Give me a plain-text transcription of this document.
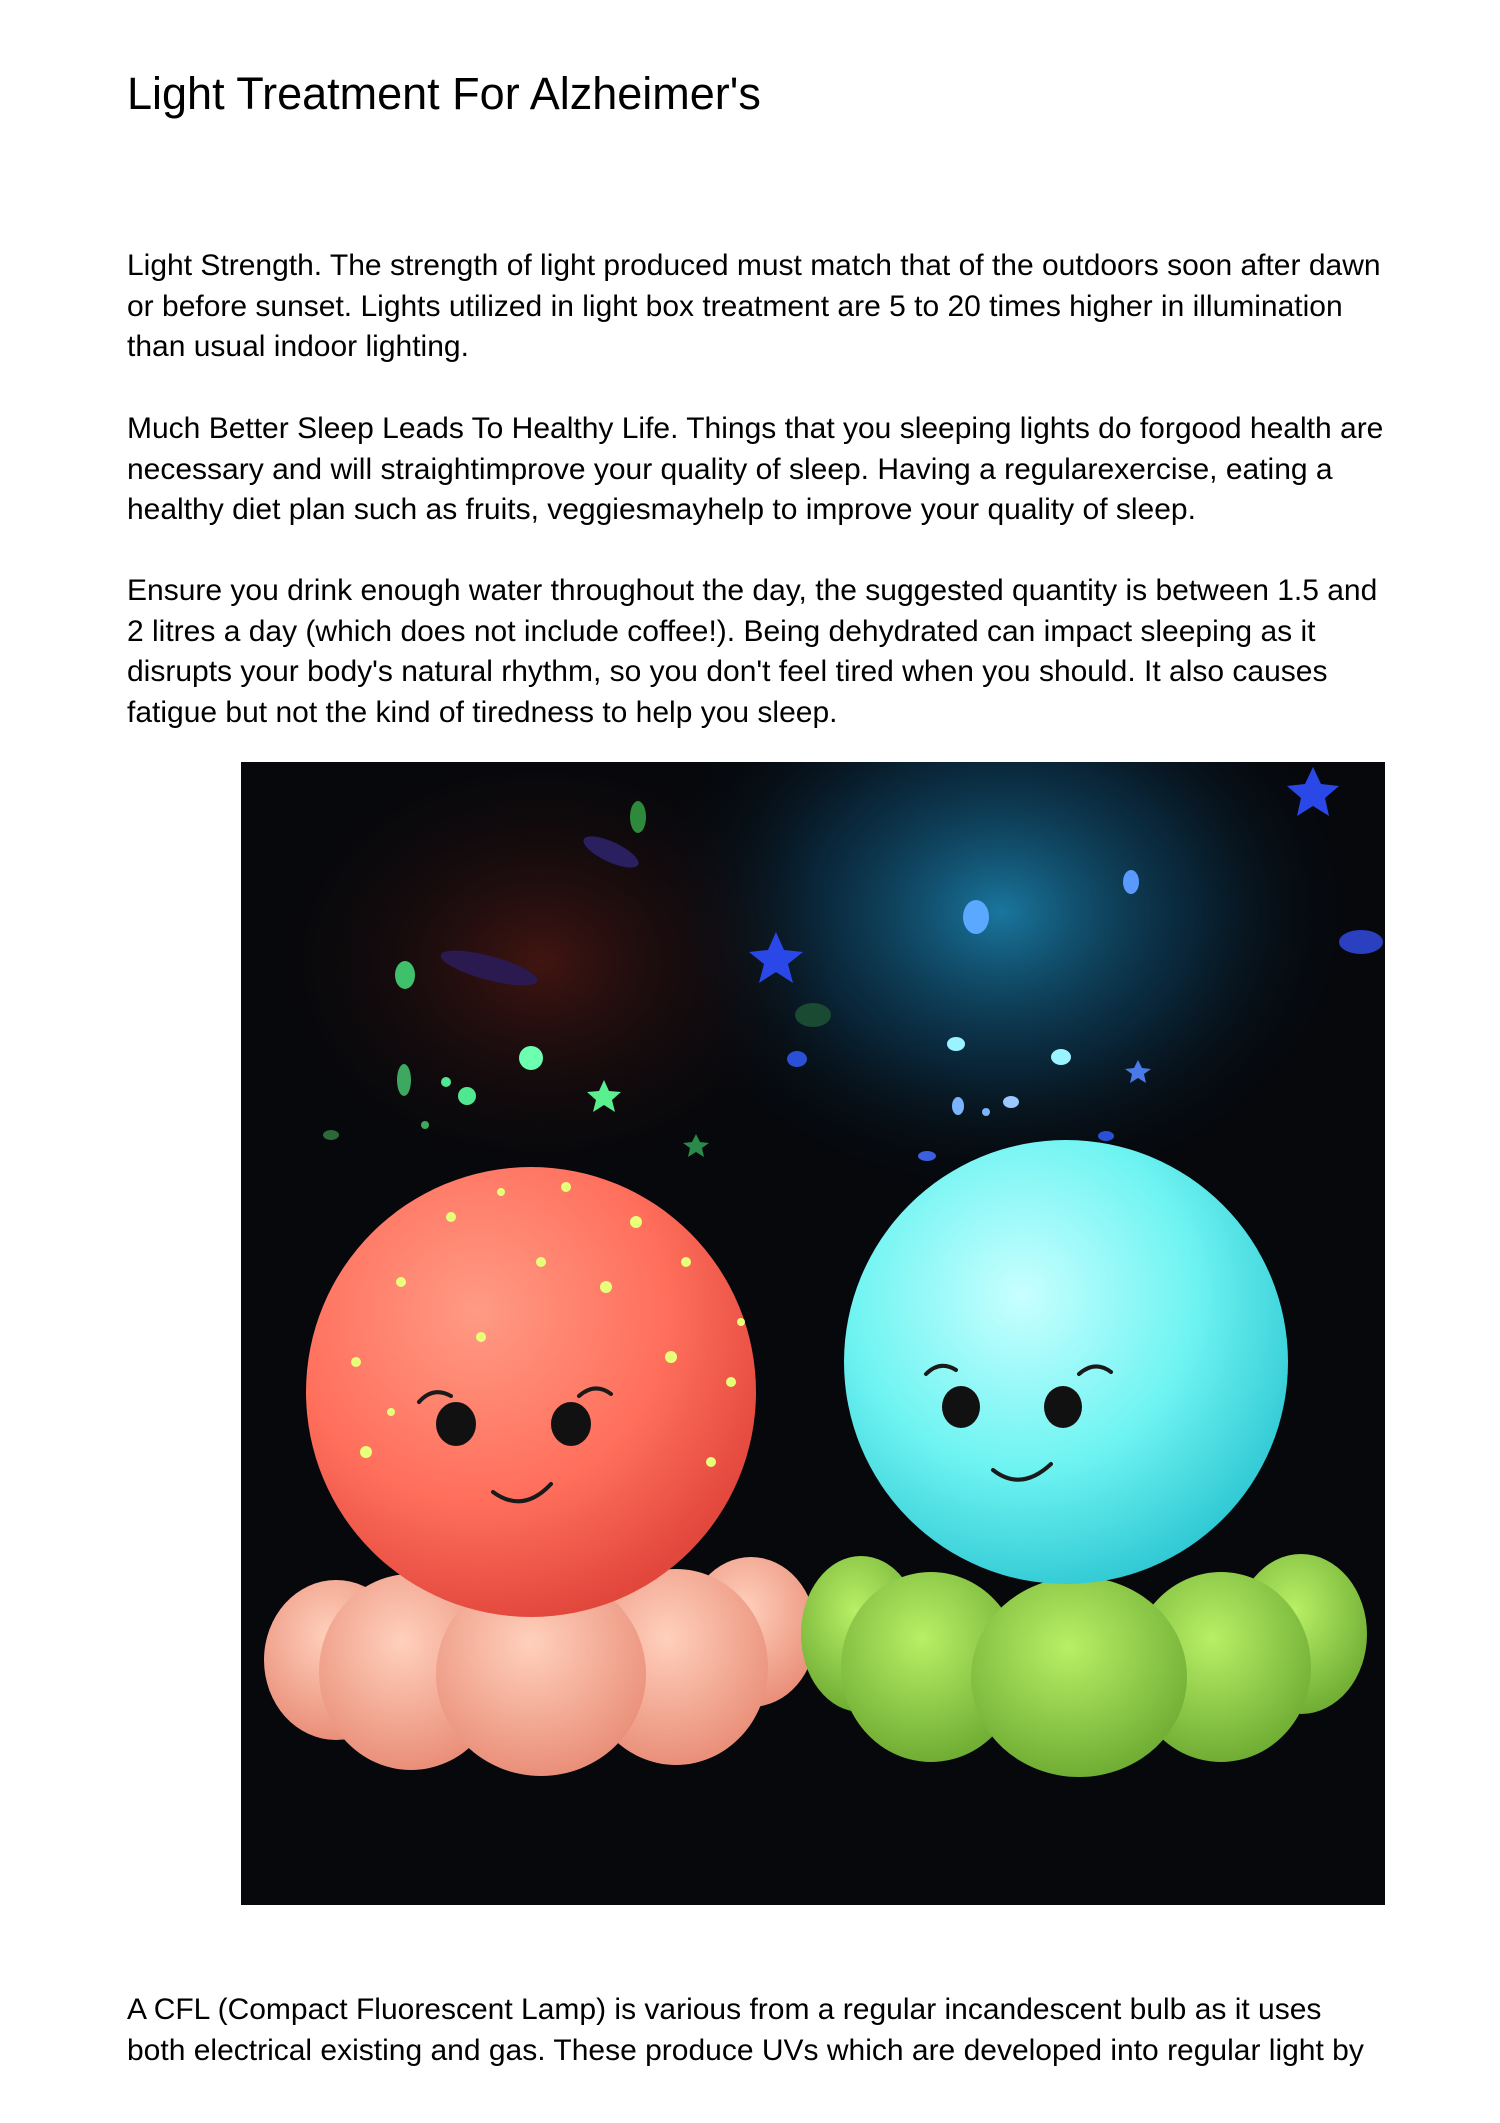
Light Treatment For Alzheimer's

Light Strength. The strength of light produced must match that of the outdoors soon after dawn or before sunset. Lights utilized in light box treatment are 5 to 20 times higher in illumination than usual indoor lighting.

Much Better Sleep Leads To Healthy Life. Things that you sleeping lights do forgood health are necessary and will straightimprove your quality of sleep. Having a regularexercise, eating a healthy diet plan such as fruits, veggiesmayhelp to improve your quality of sleep.

Ensure you drink enough water throughout the day, the suggested quantity is between 1.5 and 2 litres a day (which does not include coffee!). Being dehydrated can impact sleeping as it disrupts your body's natural rhythm, so you don't feel tired when you should. It also causes fatigue but not the kind of tiredness to help you sleep.

A CFL (Compact Fluorescent Lamp) is various from a regular incandescent bulb as it uses both electrical existing and gas. These produce UVs which are developed into regular light by
